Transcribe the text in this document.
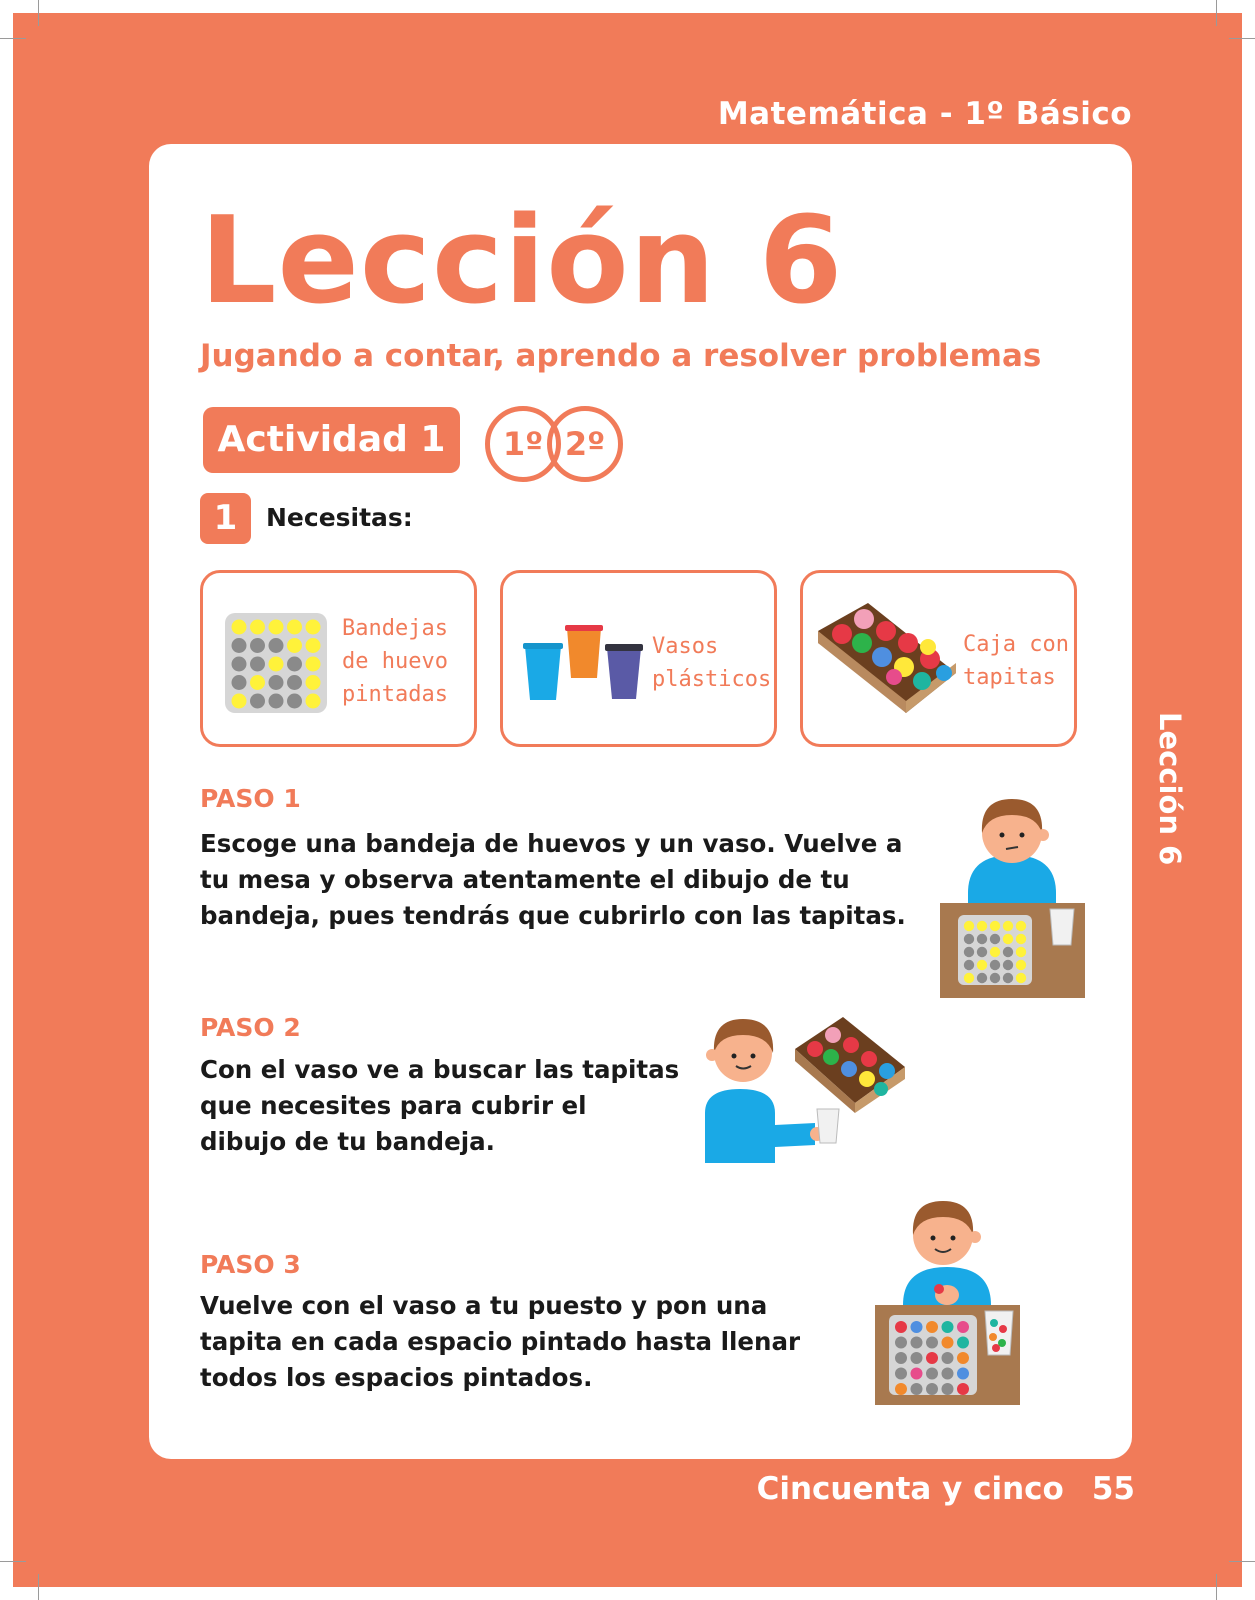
Matemática - 1º Básico
Lección 6
Lección 6
Jugando a contar, aprendo a resolver problemas
Actividad 1	1º 2º
1	Necesitas:
Bandejas
de huevo
pintadas
Vasos
plásticos
Caja con
tapitas
PASO 1
Escoge una bandeja de huevos y un vaso. Vuelve a tu mesa y observa atentamente el dibujo de tu bandeja, pues tendrás que cubrirlo con las tapitas.
PASO 2
Con el vaso ve a buscar las tapitas que necesites para cubrir el dibujo de tu bandeja.
PASO 3
Vuelve con el vaso a tu puesto y pon una tapita en cada espacio pintado hasta llenar todos los espacios pintados.
Cincuenta y cinco 55
